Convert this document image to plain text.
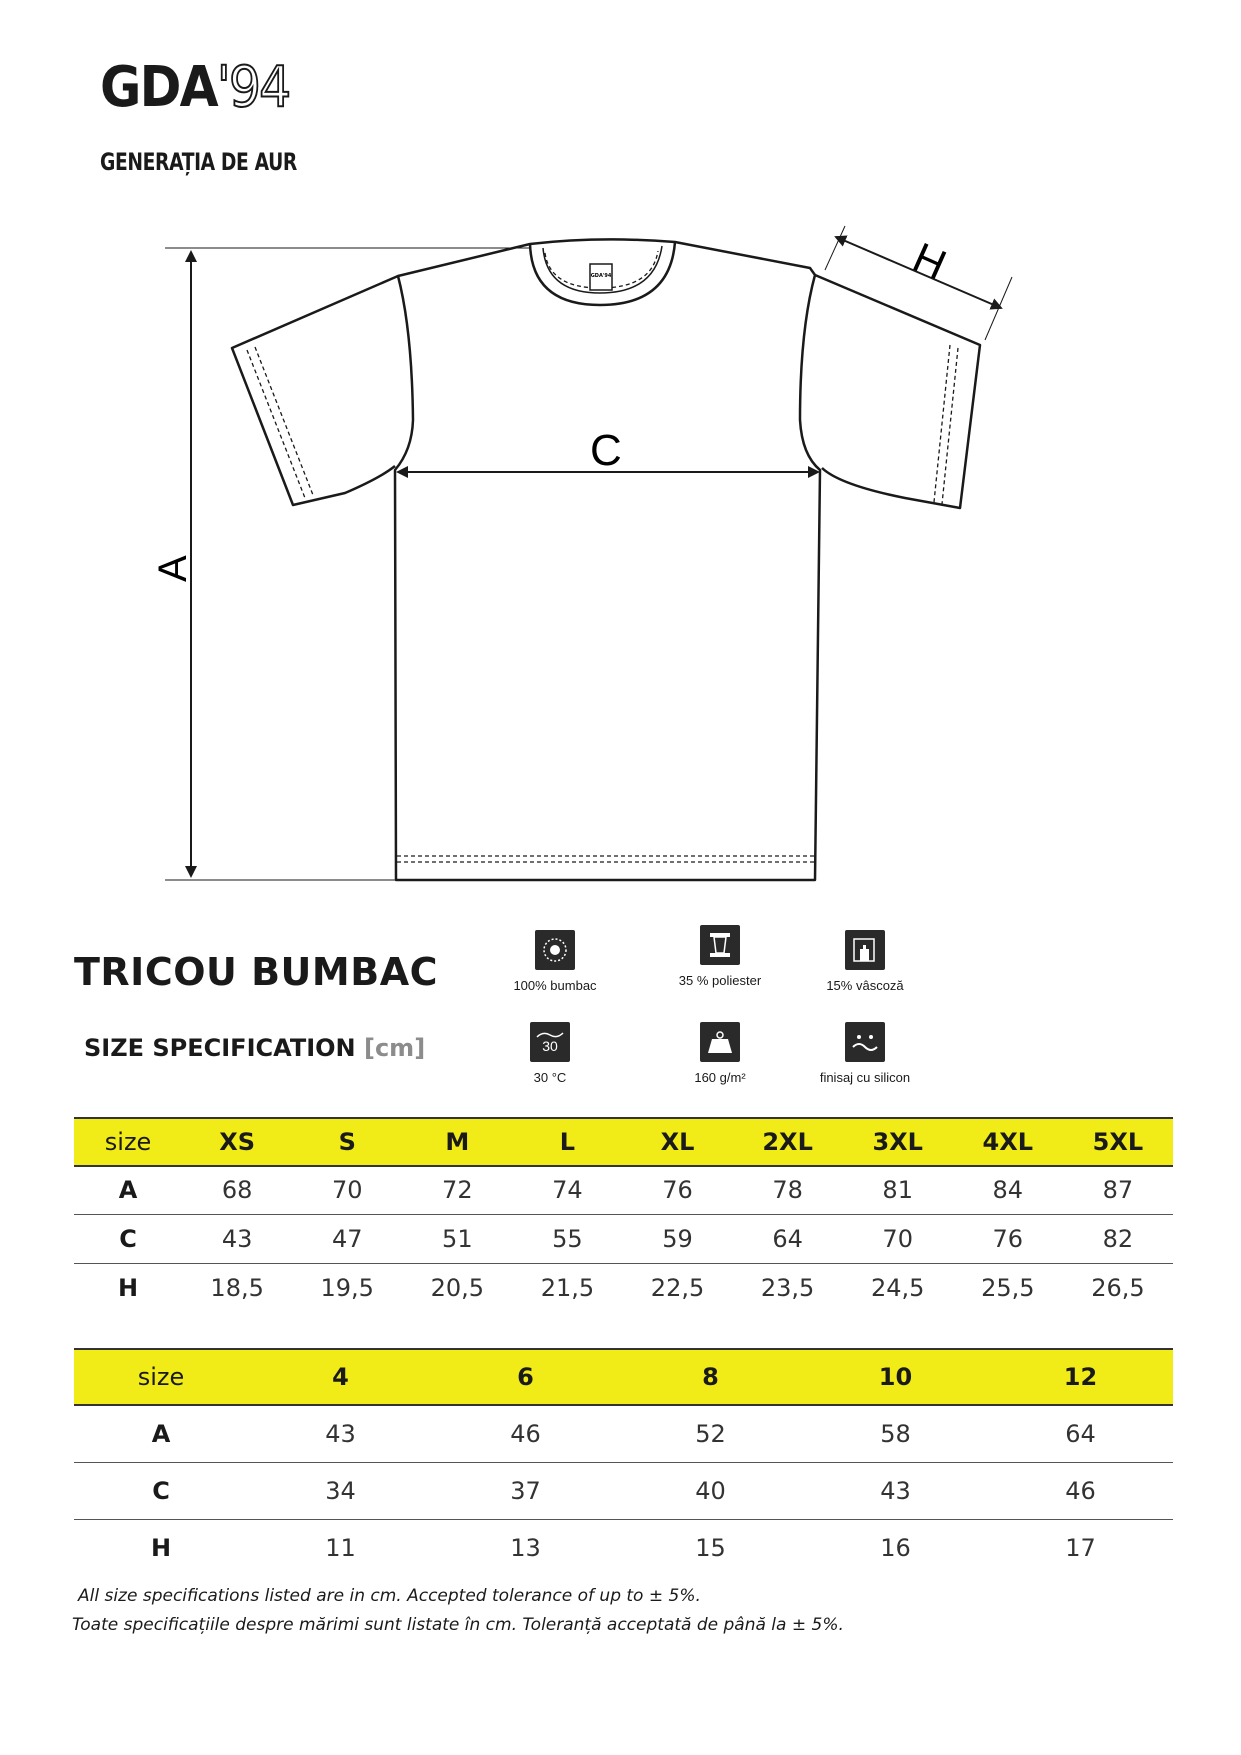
GDA'94
GENERAȚIA DE AUR
GDA'94
A
C
H
TRICOU BUMBAC
SIZE SPECIFICATION [cm]
100% bumbac	35 % poliester	15% vâscoză
30
30 °C	160 g/m²	finisaj cu silicon
size	XS	S	M	L	XL	2XL	3XL	4XL	5XL
A	68	70	72	74	76	78	81	84	87
C	43	47	51	55	59	64	70	76	82
H	18,5	19,5	20,5	21,5	22,5	23,5	24,5	25,5	26,5
size	4	6	8	10	12
A	43	46	52	58	64
C	34	37	40	43	46
H	11	13	15	16	17
All size specifications listed are in cm. Accepted tolerance of up to ± 5%.
Toate specificațiile despre mărimi sunt listate în cm. Toleranță acceptată de până la ± 5%.
